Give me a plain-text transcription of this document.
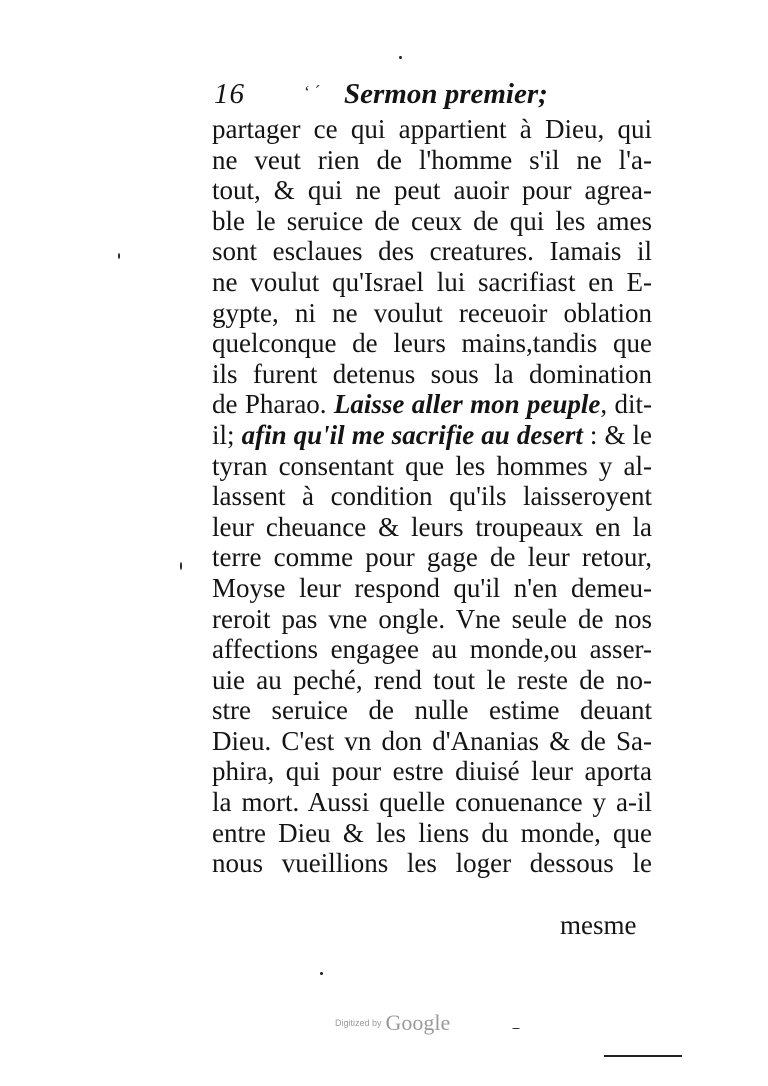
16	‘ ˊ Sermon premier;
partager ce qui appartient à Dieu, qui
ne veut rien de l'homme s'il ne l'a-
tout, & qui ne peut auoir pour agrea-
ble le seruice de ceux de qui les ames
sont esclaues des creatures. Iamais il
ne voulut qu'Israel lui sacrifiast en E-
gypte, ni ne voulut receuoir oblation
quelconque de leurs mains,tandis que
ils furent detenus sous la domination
de Pharao. Laisse aller mon peuple, dit-
il; afin qu'il me sacrifie au desert : & le
tyran consentant que les hommes y al-
lassent à condition qu'ils laisseroyent
leur cheuance & leurs troupeaux en la
terre comme pour gage de leur retour,
Moyse leur respond qu'il n'en demeu-
reroit pas vne ongle. Vne seule de nos
affections engagee au monde,ou asser-
uie au peché, rend tout le reste de no-
stre seruice de nulle estime deuant
Dieu. C'est vn don d'Ananias & de Sa-
phira, qui pour estre diuisé leur aporta
la mort. Aussi quelle conuenance y a-il
entre Dieu & les liens du monde, que
nous vueillions les loger dessous le
mesme
Digitized by Google
